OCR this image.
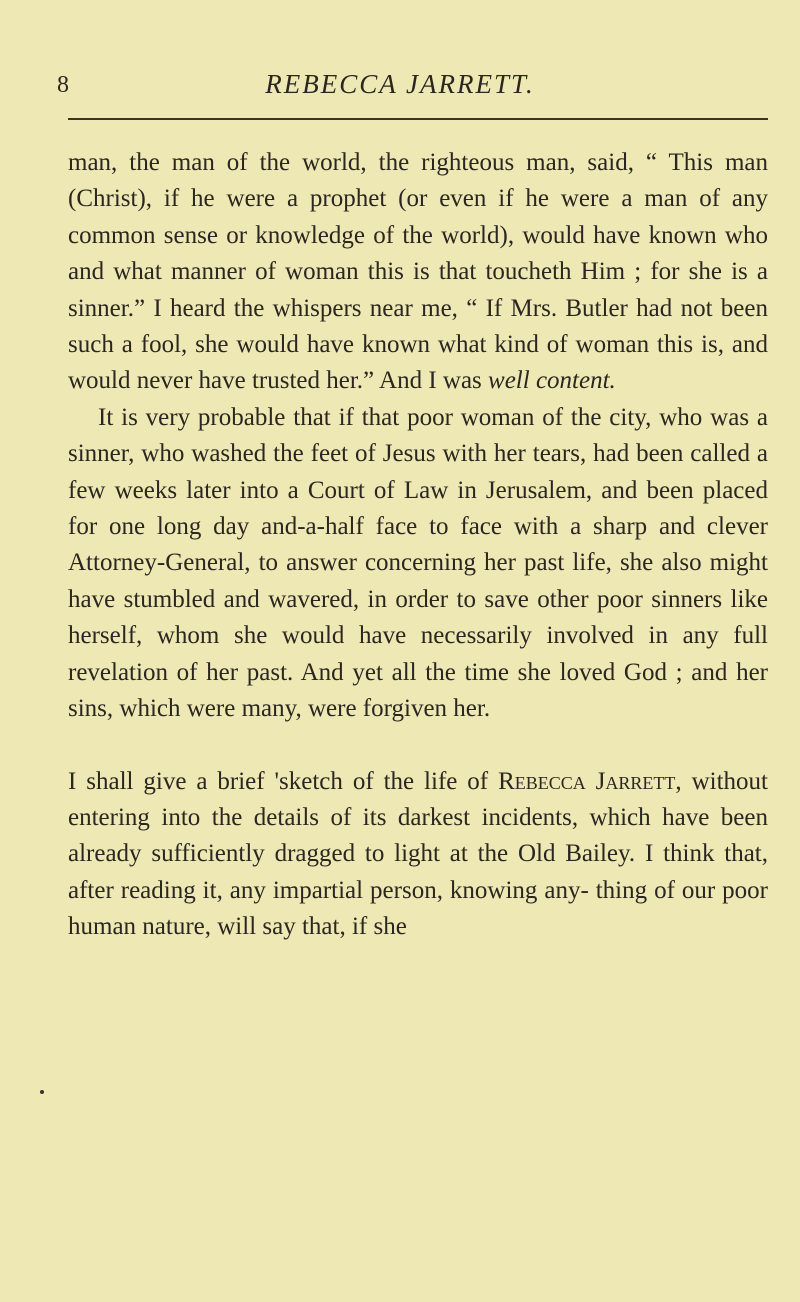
8	REBECCA JARRETT.

man, the man of the world, the righteous man, said, “ This man (Christ), if he were a prophet (or even if he were a man of any common sense or knowledge of the world), would have known who and what manner of woman this is that toucheth Him ; for she is a sinner.” I heard the whispers near me, “ If Mrs. Butler had not been such a fool, she would have known what kind of woman this is, and would never have trusted her.” And I was well content.

It is very probable that if that poor woman of the city, who was a sinner, who washed the feet of Jesus with her tears, had been called a few weeks later into a Court of Law in Jerusalem, and been placed for one long day and-a-half face to face with a sharp and clever Attorney-General, to answer concerning her past life, she also might have stumbled and wavered, in order to save other poor sinners like herself, whom she would have necessarily involved in any full revelation of her past. And yet all the time she loved God ; and her sins, which were many, were forgiven her.

I shall give a brief 'sketch of the life of Rebecca Jarrett, without entering into the details of its darkest incidents, which have been already sufficiently dragged to light at the Old Bailey. I think that, after reading it, any impartial person, knowing any- thing of our poor human nature, will say that, if she
